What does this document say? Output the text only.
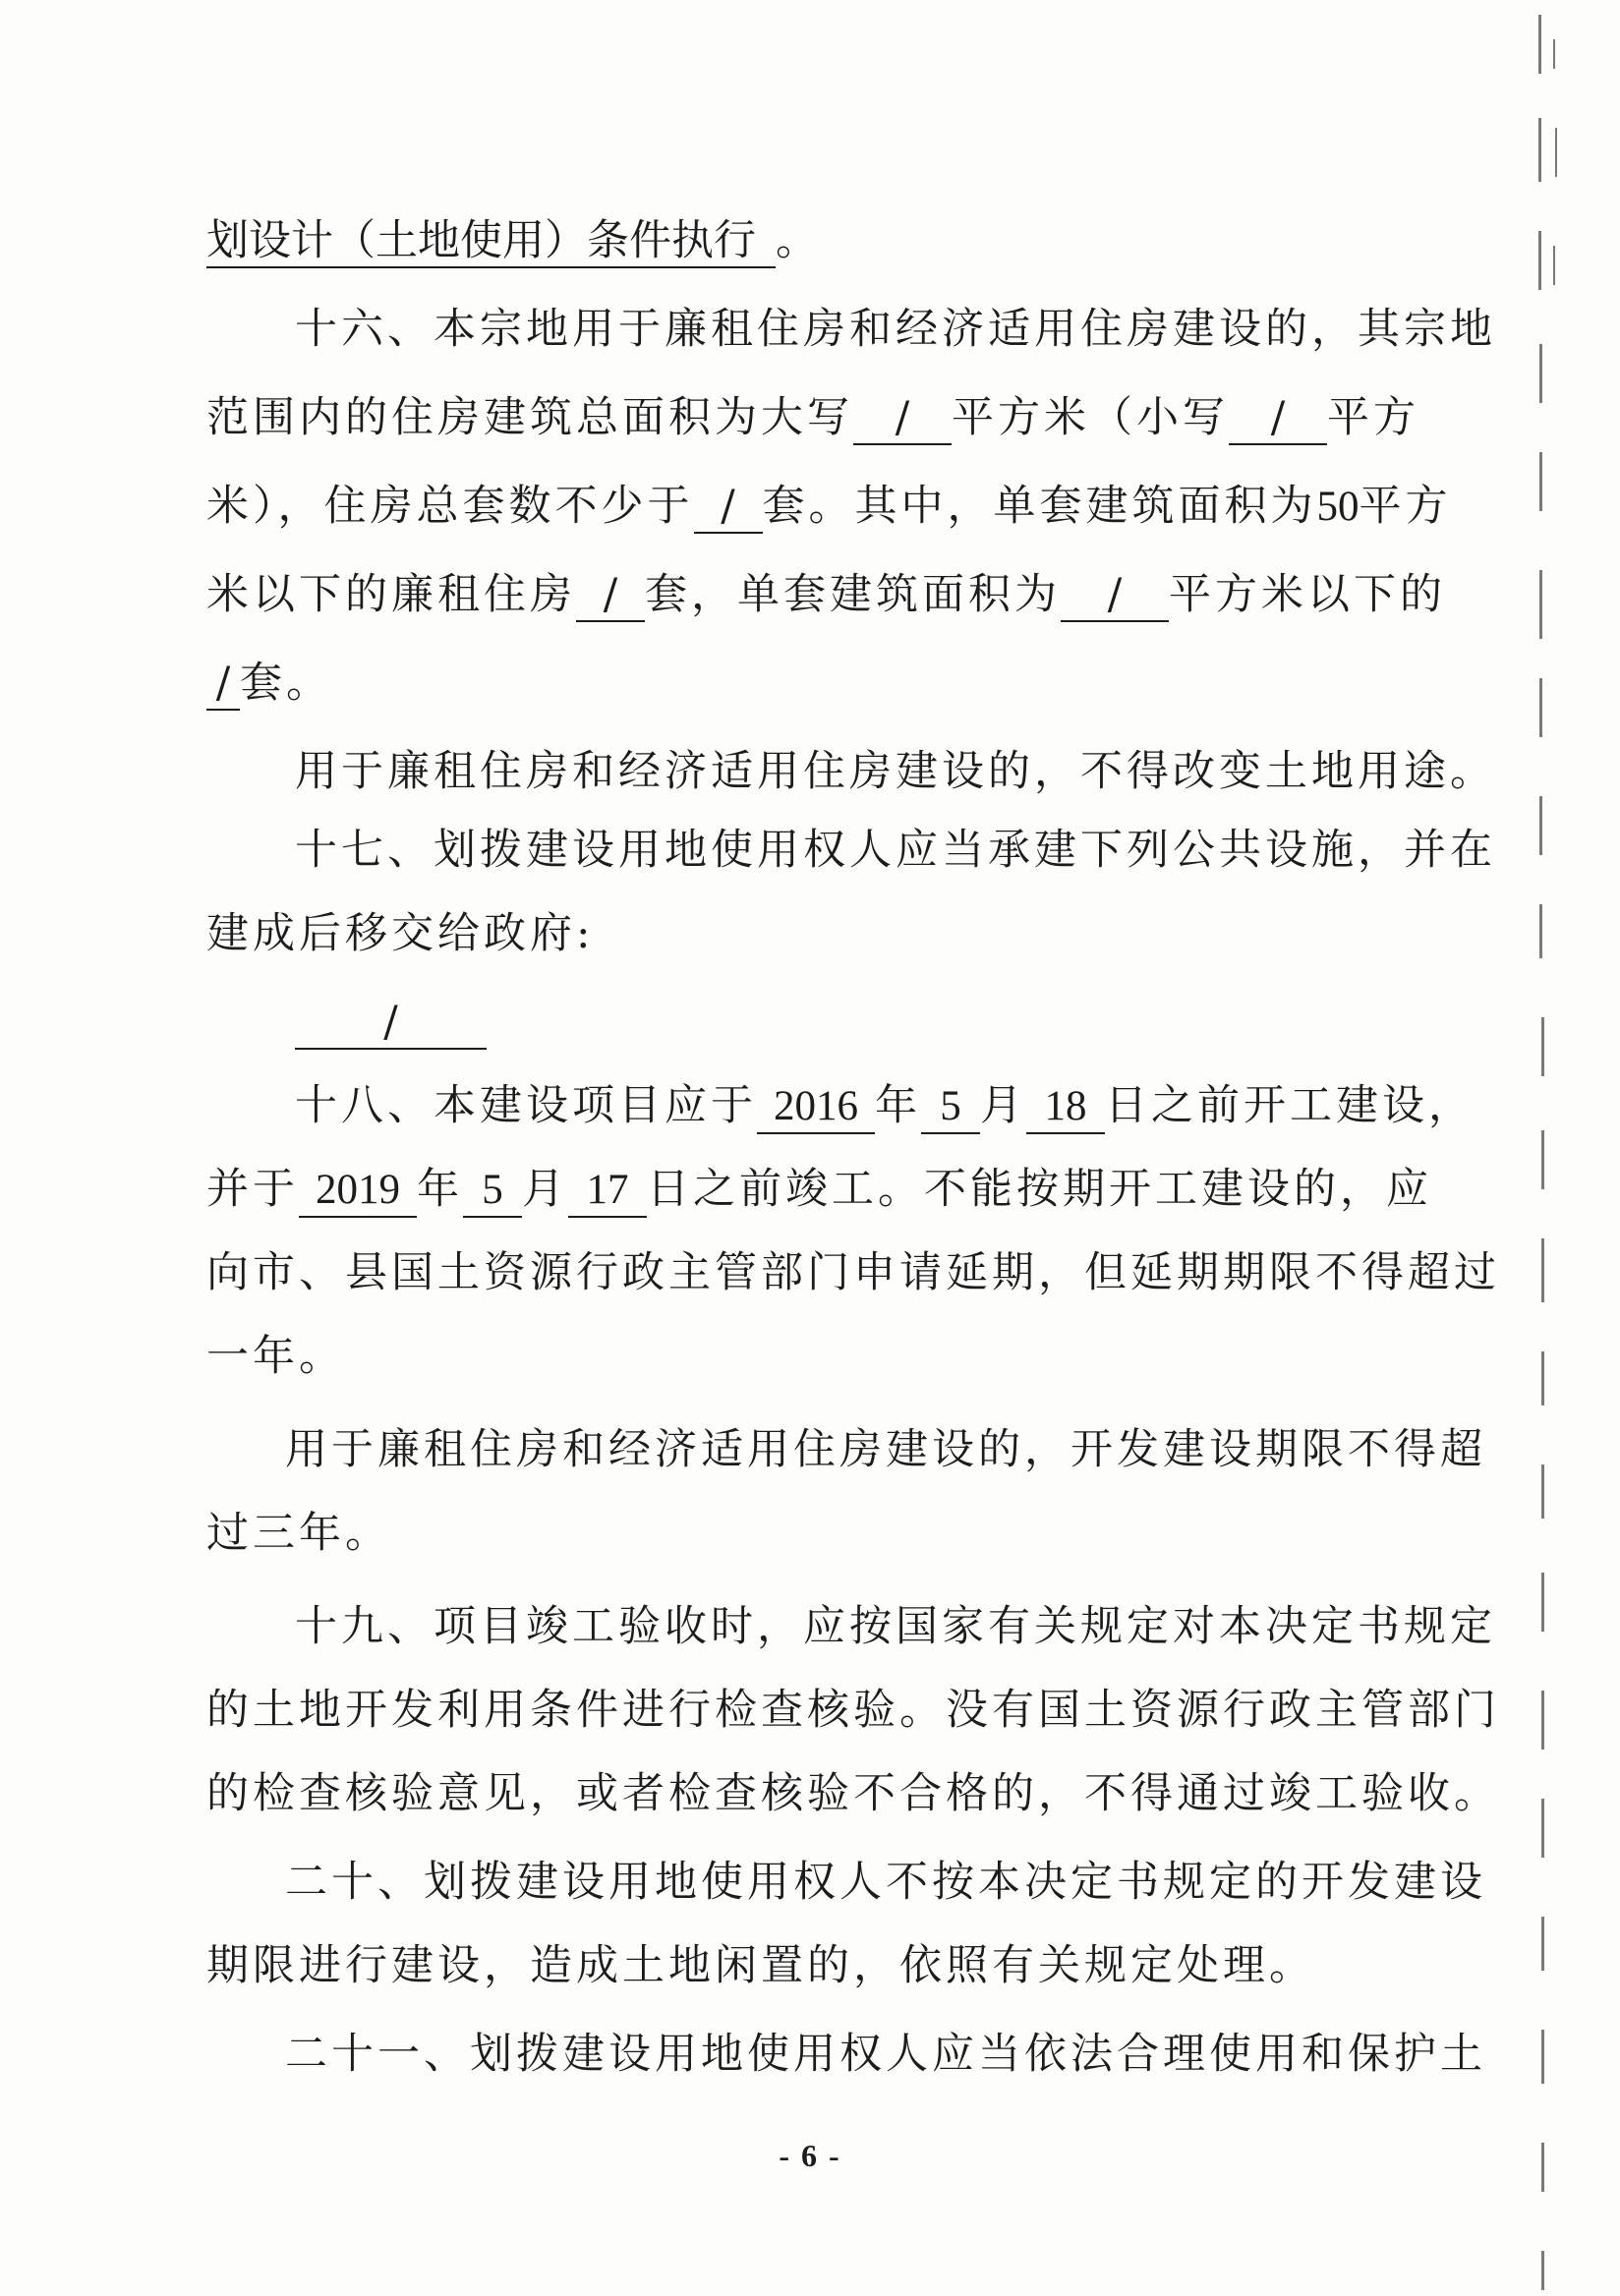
划设计（土地使用）条件执行 。
十六、本宗地用于廉租住房和经济适用住房建设的，其宗地
范围内的住房建筑总面积为大写 / 平方米（小写 / 平方
米），住房总套数不少于 / 套。其中，单套建筑面积为50平方
米以下的廉租住房 / 套，单套建筑面积为 / 平方米以下的
/ 套。
用于廉租住房和经济适用住房建设的，不得改变土地用途。
十七、划拨建设用地使用权人应当承建下列公共设施，并在
建成后移交给政府:
/
十八、本建设项目应于 2016 年 5 月 18 日之前开工建设，
并于 2019 年 5 月 17 日之前竣工。不能按期开工建设的，应
向市、县国土资源行政主管部门申请延期，但延期期限不得超过
一年。
用于廉租住房和经济适用住房建设的，开发建设期限不得超
过三年。
十九、项目竣工验收时，应按国家有关规定对本决定书规定
的土地开发利用条件进行检查核验。没有国土资源行政主管部门
的检查核验意见，或者检查核验不合格的，不得通过竣工验收。
二十、划拨建设用地使用权人不按本决定书规定的开发建设
期限进行建设，造成土地闲置的，依照有关规定处理。
二十一、划拨建设用地使用权人应当依法合理使用和保护土
- 6 -
